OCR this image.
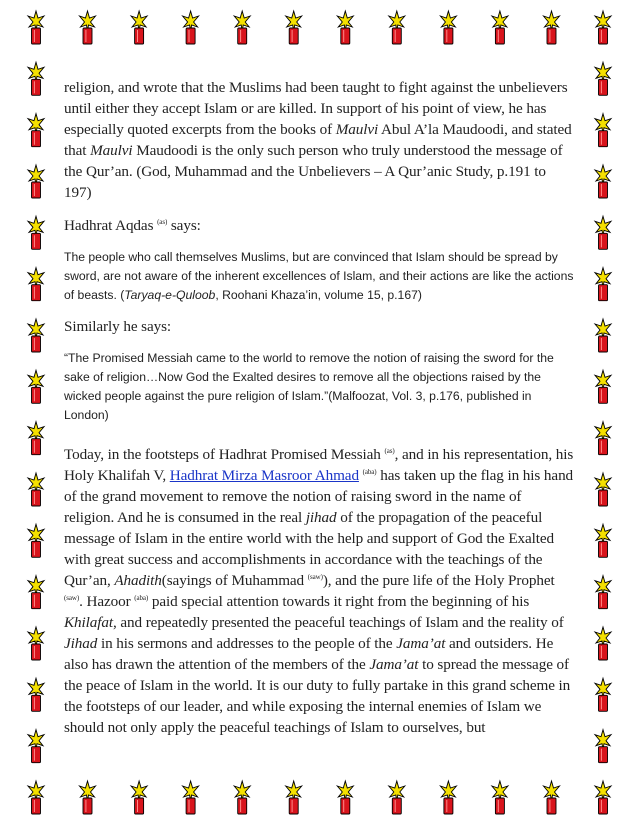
religion, and wrote that the Muslims had been taught to fight against the unbelievers until either they accept Islam or are killed. In support of his point of view, he has especially quoted excerpts from the books of Maulvi Abul A’la Maudoodi, and stated that Maulvi Maudoodi is the only such person who truly understood the message of the Qur’an. (God, Muhammad and the Unbelievers – A Qur’anic Study, p.191 to 197)

Hadhrat Aqdas $^{(as)}$ says:

The people who call themselves Muslims, but are convinced that Islam should be spread by sword, are not aware of the inherent excellences of Islam, and their actions are like the actions of beasts. (Taryaq-e-Quloob, Roohani Khaza’in, volume 15, p.167)

Similarly he says:

“The Promised Messiah came to the world to remove the notion of raising the sword for the sake of religion…Now God the Exalted desires to remove all the objections raised by the wicked people against the pure religion of Islam.”(Malfoozat, Vol. 3, p.176, published in London)

Today, in the footsteps of Hadhrat Promised Messiah $^{(as)}$, and in his representation, his Holy Khalifah V, Hadhrat Mirza Masroor Ahmad $^{(aba)}$ has taken up the flag in his hand of the grand movement to remove the notion of raising sword in the name of religion. And he is consumed in the real jihad of the propagation of the peaceful message of Islam in the entire world with the help and support of God the Exalted with great success and accomplishments in accordance with the teachings of the Qur’an, Ahadith(sayings of Muhammad $^{(saw)}$), and the pure life of the Holy Prophet $^{(saw)}$. Hazoor $^{(aba)}$ paid special attention towards it right from the beginning of his Khilafat, and repeatedly presented the peaceful teachings of Islam and the reality of Jihad in his sermons and addresses to the people of the Jama’at and outsiders. He also has drawn the attention of the members of the Jama’at to spread the message of the peace of Islam in the world. It is our duty to fully partake in this grand scheme in the footsteps of our leader, and while exposing the internal enemies of Islam we should not only apply the peaceful teachings of Islam to ourselves, but
